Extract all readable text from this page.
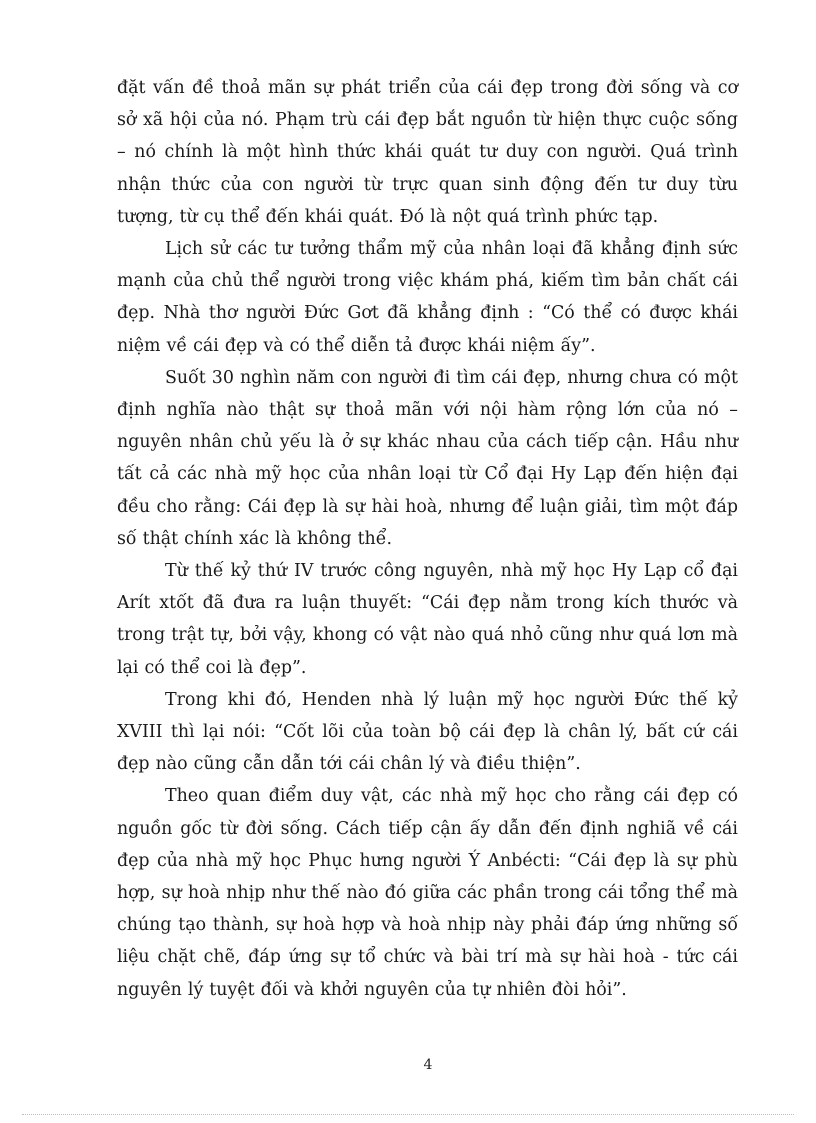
đặt vấn đề thoả mãn sự phát triển của cái đẹp trong đời sống và cơ sở xã hội của nó. Phạm trù cái đẹp bắt nguồn từ hiện thực cuộc sống – nó chính là một hình thức khái quát tư duy con người. Quá trình nhận thức của con người từ trực quan sinh động đến tư duy từu tượng, từ cụ thể đến khái quát. Đó là nột quá trình phức tạp.

Lịch sử các tư tưởng thẩm mỹ của nhân loại đã khẳng định sức mạnh của chủ thể người trong việc khám phá, kiếm tìm bản chất cái đẹp. Nhà thơ người Đức Gơt đã khẳng định : “Có thể có được khái niệm về cái đẹp và có thể diễn tả được khái niệm ấy”.

Suốt 30 nghìn năm con người đi tìm cái đẹp, nhưng chưa có một định nghĩa nào thật sự thoả mãn với nội hàm rộng lớn của nó – nguyên nhân chủ yếu là ở sự khác nhau của cách tiếp cận. Hầu như tất cả các nhà mỹ học của nhân loại từ Cổ đại Hy Lạp đến hiện đại đều cho rằng: Cái đẹp là sự hài hoà, nhưng để luận giải, tìm một đáp số thật chính xác là không thể.

Từ thế kỷ thứ IV trước công nguyên, nhà mỹ học Hy Lạp cổ đại Arít xtốt đã đưa ra luận thuyết: “Cái đẹp nằm trong kích thước và trong trật tự, bởi vậy, khong có vật nào quá nhỏ cũng như quá lơn mà lại có thể coi là đẹp”.

Trong khi đó, Henden nhà lý luận mỹ học người Đức thế kỷ XVIII thì lại nói: “Cốt lõi của toàn bộ cái đẹp là chân lý, bất cứ cái đẹp nào cũng cẫn dẫn tới cái chân lý và điều thiện”.

Theo quan điểm duy vật, các nhà mỹ học cho rằng cái đẹp có nguồn gốc từ đời sống. Cách tiếp cận ấy dẫn đến định nghiã về cái đẹp của nhà mỹ học Phục hưng người Ý Anbécti: “Cái đẹp là sự phù hợp, sự hoà nhịp như thế nào đó giữa các phần trong cái tổng thể mà chúng tạo thành, sự hoà hợp và hoà nhịp này phải đáp ứng những số liệu chặt chẽ, đáp ứng sự tổ chức và bài trí mà sự hài hoà - tức cái nguyên lý tuyệt đối và khởi nguyên của tự nhiên đòi hỏi”.

4
